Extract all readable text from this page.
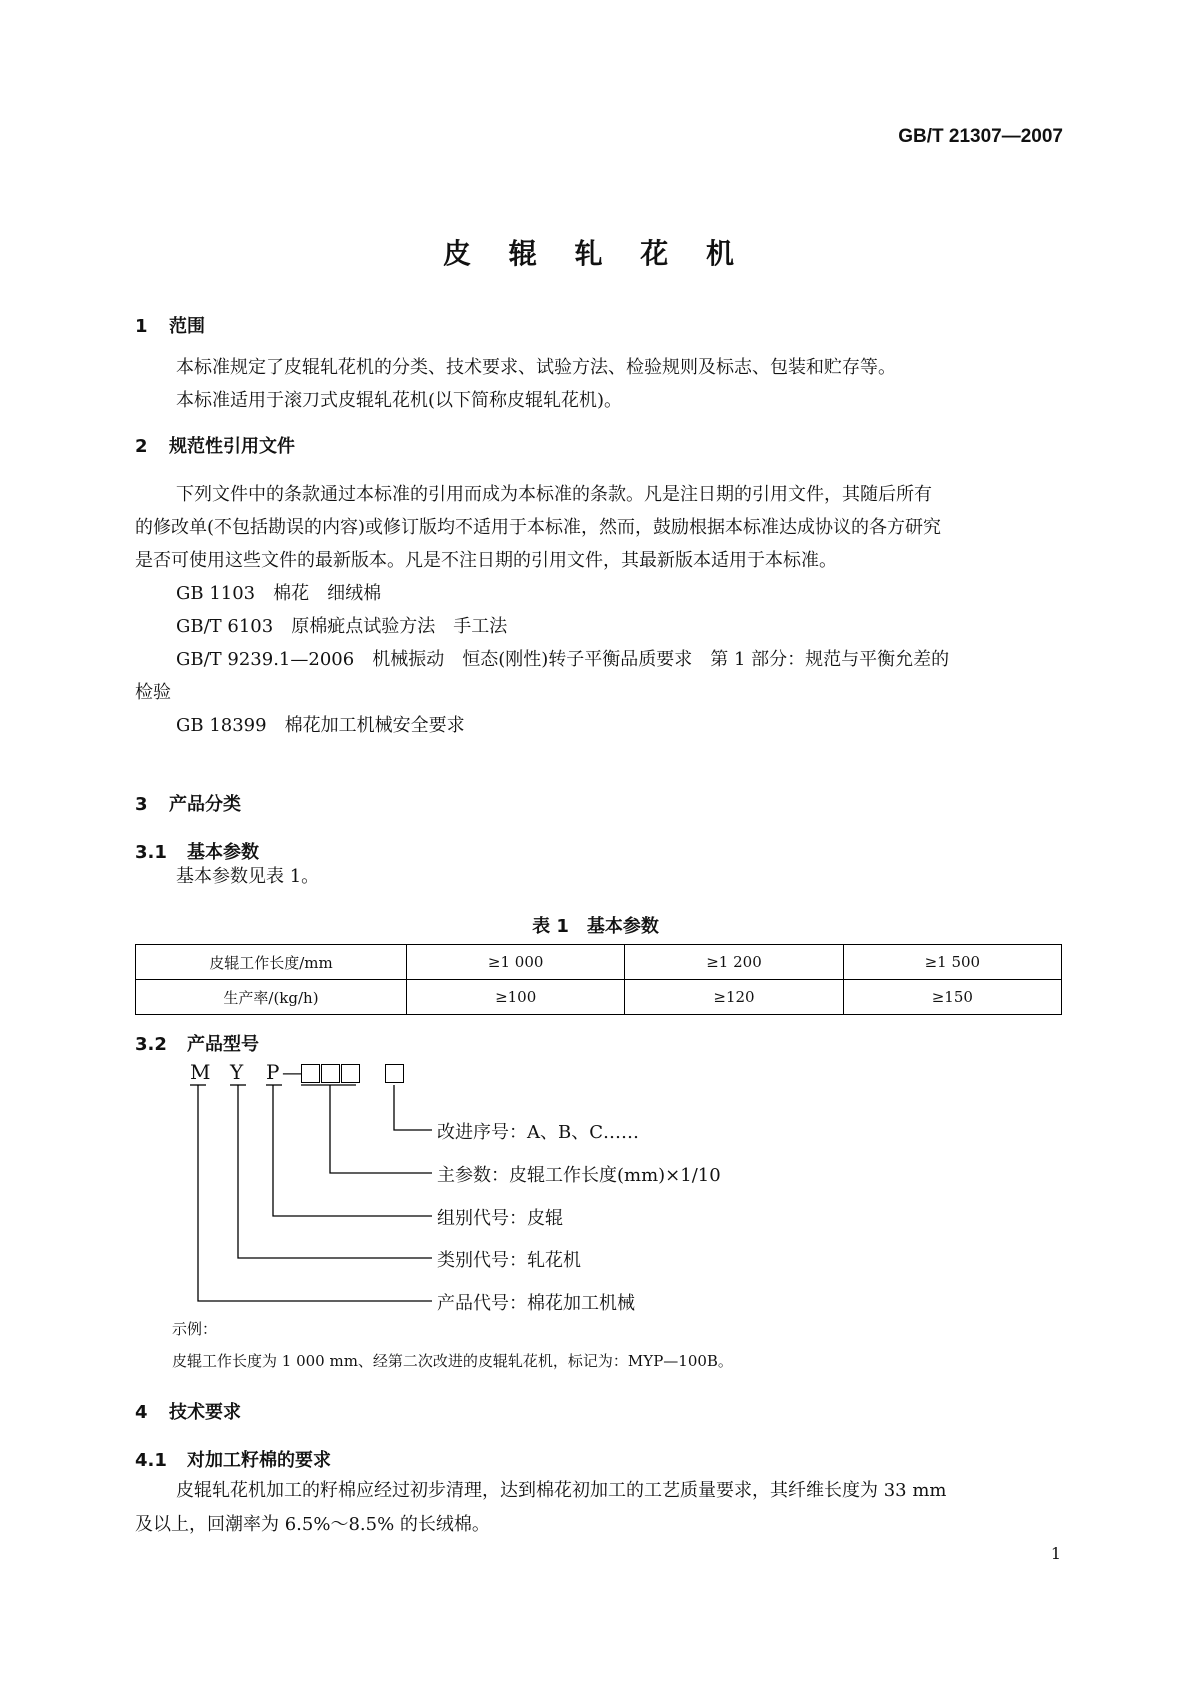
GB/T 21307—2007
皮 辊 轧 花 机
1 范围
本标准规定了皮辊轧花机的分类、技术要求、试验方法、检验规则及标志、包装和贮存等。
本标准适用于滚刀式皮辊轧花机(以下简称皮辊轧花机)。
2 规范性引用文件
下列文件中的条款通过本标准的引用而成为本标准的条款。凡是注日期的引用文件，其随后所有
的修改单(不包括勘误的内容)或修订版均不适用于本标准，然而，鼓励根据本标准达成协议的各方研究
是否可使用这些文件的最新版本。凡是不注日期的引用文件，其最新版本适用于本标准。
GB 1103　棉花　细绒棉
GB/T 6103　原棉疵点试验方法　手工法
GB/T 9239.1—2006　机械振动　恒态(刚性)转子平衡品质要求　第 1 部分：规范与平衡允差的
检验
GB 18399　棉花加工机械安全要求
3 产品分类
3.1 基本参数
基本参数见表 1。
表 1　基本参数
皮辊工作长度/mm	≥1 000	≥1 200	≥1 500
生产率/(kg/h)	≥100	≥120	≥150
3.2 产品型号
M Y P —
改进序号：A、B、C……
主参数：皮辊工作长度(mm)×1/10
组别代号：皮辊
类别代号：轧花机
产品代号：棉花加工机械
示例：
皮辊工作长度为 1 000 mm、经第二次改进的皮辊轧花机，标记为：MYP—100B。
4 技术要求
4.1 对加工籽棉的要求
皮辊轧花机加工的籽棉应经过初步清理，达到棉花初加工的工艺质量要求，其纤维长度为 33 mm
及以上，回潮率为 6.5%～8.5% 的长绒棉。
1
